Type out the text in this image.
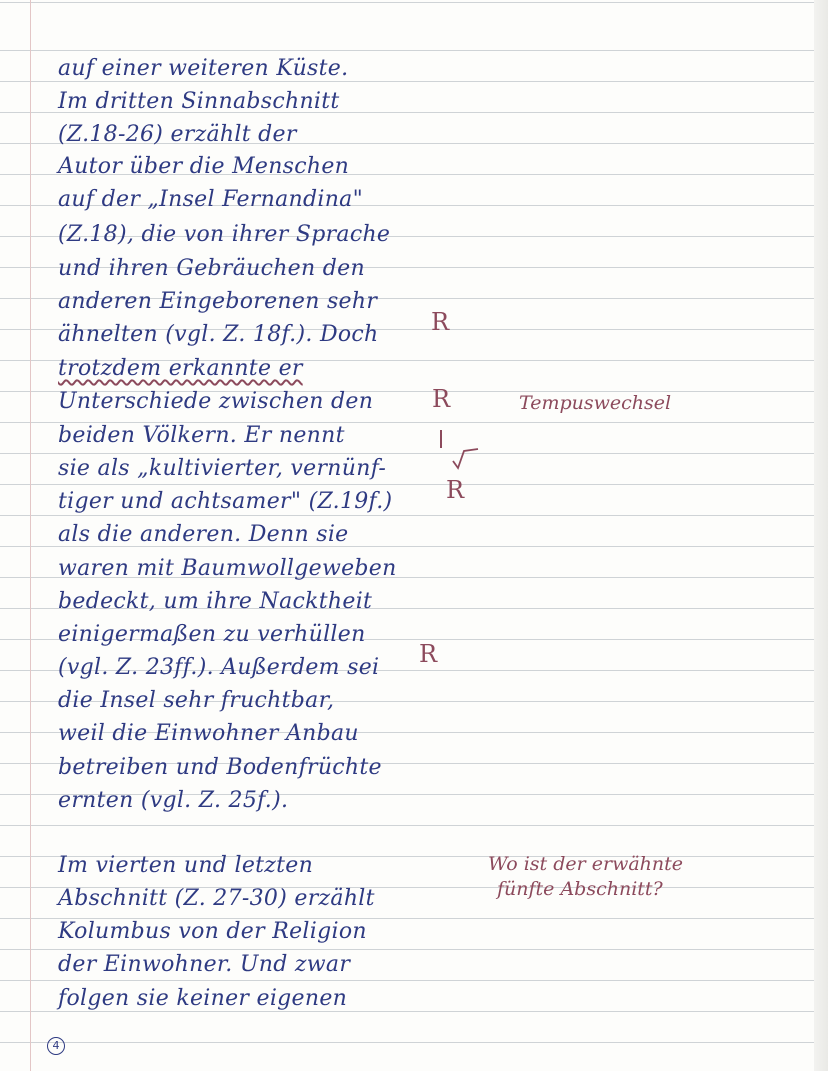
auf einer weiteren Küste.
Im dritten Sinnabschnitt
(Z.18-26) erzählt der
Autor über die Menschen
auf der „Insel Fernandina"
(Z.18), die von ihrer Sprache
und ihren Gebräuchen den
anderen Eingeborenen sehr
ähnelten (vgl. Z. 18f.). Doch
trotzdem erkannte er
Unterschiede zwischen den
beiden Völkern. Er nennt
sie als „kultivierter, vernünf-
tiger und achtsamer" (Z.19f.)
als die anderen. Denn sie
waren mit Baumwollgeweben
bedeckt, um ihre Nacktheit
einigermaßen zu verhüllen
(vgl. Z. 23ff.). Außerdem sei
die Insel sehr fruchtbar,
weil die Einwohner Anbau
betreiben und Bodenfrüchte
ernten (vgl. Z. 25f.).
Im vierten und letzten
Abschnitt (Z. 27-30) erzählt
Kolumbus von der Religion
der Einwohner. Und zwar
folgen sie keiner eigenen
R
R
R
R
Tempuswechsel
Wo ist der erwähnte
fünfte Abschnitt?
4
